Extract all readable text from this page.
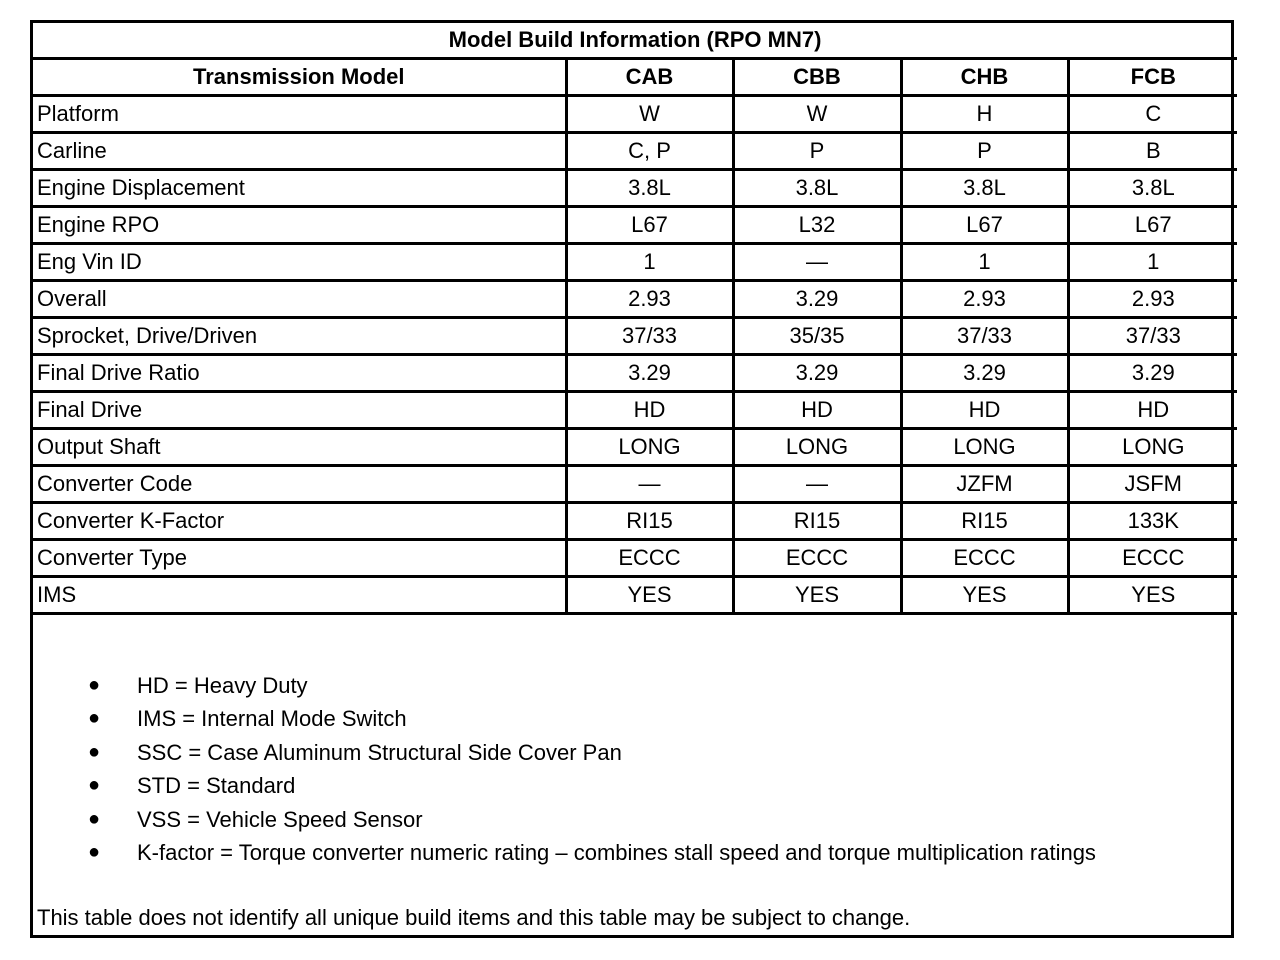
Model Build Information (RPO MN7)				
Transmission Model	CAB	CBB	CHB	FCB
Platform	W	W	H	C
Carline	C, P	P	P	B
Engine Displacement	3.8L	3.8L	3.8L	3.8L
Engine RPO	L67	L32	L67	L67
Eng Vin ID	1	—	1	1
Overall	2.93	3.29	2.93	2.93
Sprocket, Drive/Driven	37/33	35/35	37/33	37/33
Final Drive Ratio	3.29	3.29	3.29	3.29
Final Drive	HD	HD	HD	HD
Output Shaft	LONG	LONG	LONG	LONG
Converter Code	—	—	JZFM	JSFM
Converter K-Factor	RI15	RI15	RI15	133K
Converter Type	ECCC	ECCC	ECCC	ECCC
IMS	YES	YES	YES	YES
● HD = Heavy Duty
● IMS = Internal Mode Switch
● SSC = Case Aluminum Structural Side Cover Pan
● STD = Standard
● VSS = Vehicle Speed Sensor
● K-factor = Torque converter numeric rating – combines stall speed and torque multiplication ratings
This table does not identify all unique build items and this table may be subject to change.
